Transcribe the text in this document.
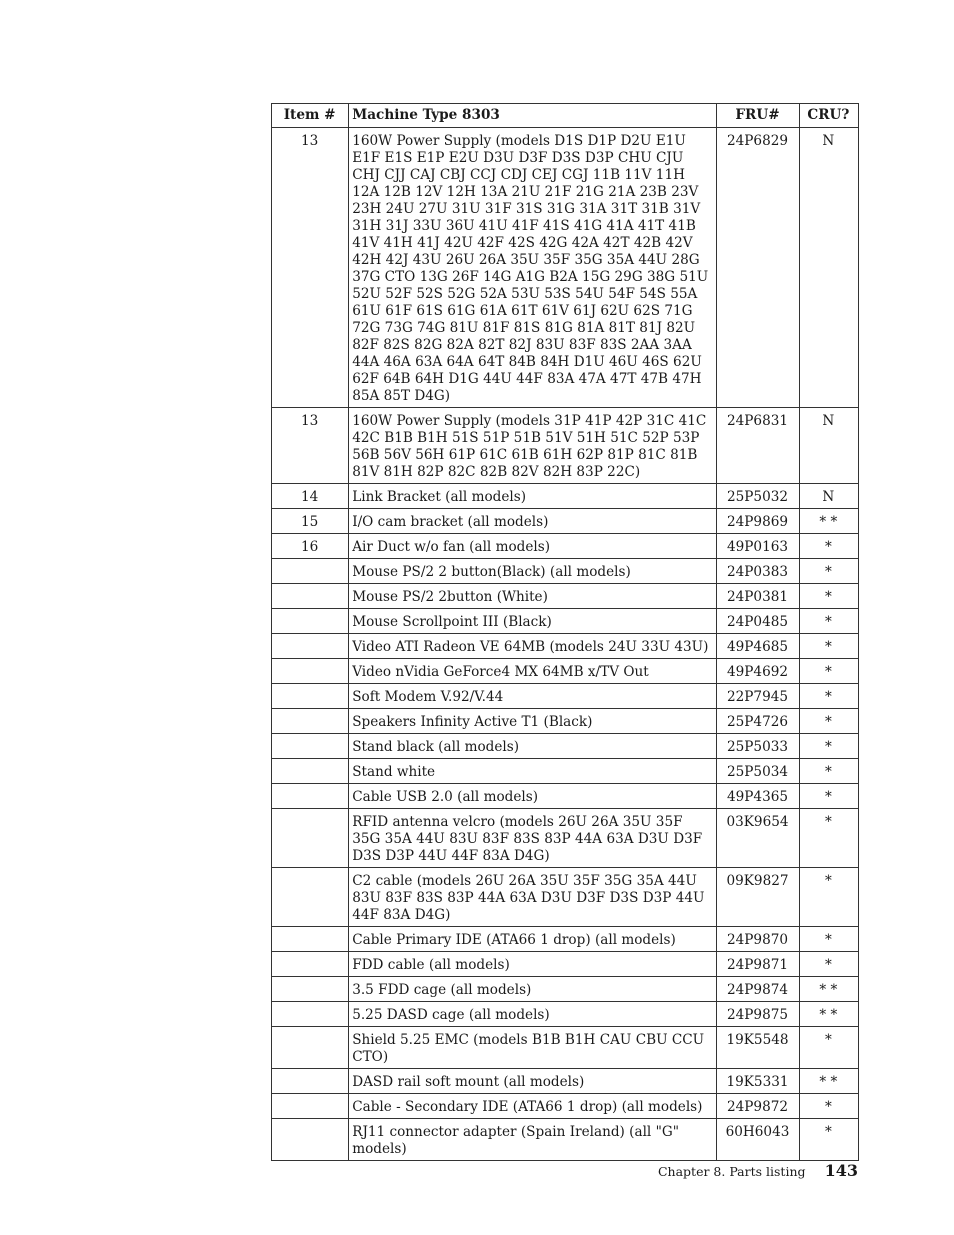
Item #	Machine Type 8303	FRU#	CRU?
13	160W Power Supply (models D1S D1P D2U E1U E1F E1S E1P E2U D3U D3F D3S D3P CHU CJU CHJ CJJ CAJ CBJ CCJ CDJ CEJ CGJ 11B 11V 11H 12A 12B 12V 12H 13A 21U 21F 21G 21A 23B 23V 23H 24U 27U 31U 31F 31S 31G 31A 31T 31B 31V 31H 31J 33U 36U 41U 41F 41S 41G 41A 41T 41B 41V 41H 41J 42U 42F 42S 42G 42A 42T 42B 42V 42H 42J 43U 26U 26A 35U 35F 35G 35A 44U 28G 37G CTO 13G 26F 14G A1G B2A 15G 29G 38G 51U 52U 52F 52S 52G 52A 53U 53S 54U 54F 54S 55A 61U 61F 61S 61G 61A 61T 61V 61J 62U 62S 71G 72G 73G 74G 81U 81F 81S 81G 81A 81T 81J 82U 82F 82S 82G 82A 82T 82J 83U 83F 83S 2AA 3AA 44A 46A 63A 64A 64T 84B 84H D1U 46U 46S 62U 62F 64B 64H D1G 44U 44F 83A 47A 47T 47B 47H 85A 85T D4G)	24P6829	N
13	160W Power Supply (models 31P 41P 42P 31C 41C 42C B1B B1H 51S 51P 51B 51V 51H 51C 52P 53P 56B 56V 56H 61P 61C 61B 61H 62P 81P 81C 81B 81V 81H 82P 82C 82B 82V 82H 83P 22C)	24P6831	N
14	Link Bracket (all models)	25P5032	N
15	I/O cam bracket (all models)	24P9869	* *
16	Air Duct w/o fan (all models)	49P0163	*
	Mouse PS/2 2 button(Black) (all models)	24P0383	*
	Mouse PS/2 2button (White)	24P0381	*
	Mouse Scrollpoint III (Black)	24P0485	*
	Video ATI Radeon VE 64MB (models 24U 33U 43U)	49P4685	*
	Video nVidia GeForce4 MX 64MB x/TV Out	49P4692	*
	Soft Modem V.92/V.44	22P7945	*
	Speakers Infinity Active T1 (Black)	25P4726	*
	Stand black (all models)	25P5033	*
	Stand white	25P5034	*
	Cable USB 2.0 (all models)	49P4365	*
	RFID antenna velcro (models 26U 26A 35U 35F 35G 35A 44U 83U 83F 83S 83P 44A 63A D3U D3F D3S D3P 44U 44F 83A D4G)	03K9654	*
	C2 cable (models 26U 26A 35U 35F 35G 35A 44U 83U 83F 83S 83P 44A 63A D3U D3F D3S D3P 44U 44F 83A D4G)	09K9827	*
	Cable Primary IDE (ATA66 1 drop) (all models)	24P9870	*
	FDD cable (all models)	24P9871	*
	3.5 FDD cage (all models)	24P9874	* *
	5.25 DASD cage (all models)	24P9875	* *
	Shield 5.25 EMC (models B1B B1H CAU CBU CCU CTO)	19K5548	*
	DASD rail soft mount (all models)	19K5331	* *
	Cable - Secondary IDE (ATA66 1 drop) (all models)	24P9872	*
	RJ11 connector adapter (Spain Ireland) (all "G" models)	60H6043	*
Chapter 8. Parts listing 143
